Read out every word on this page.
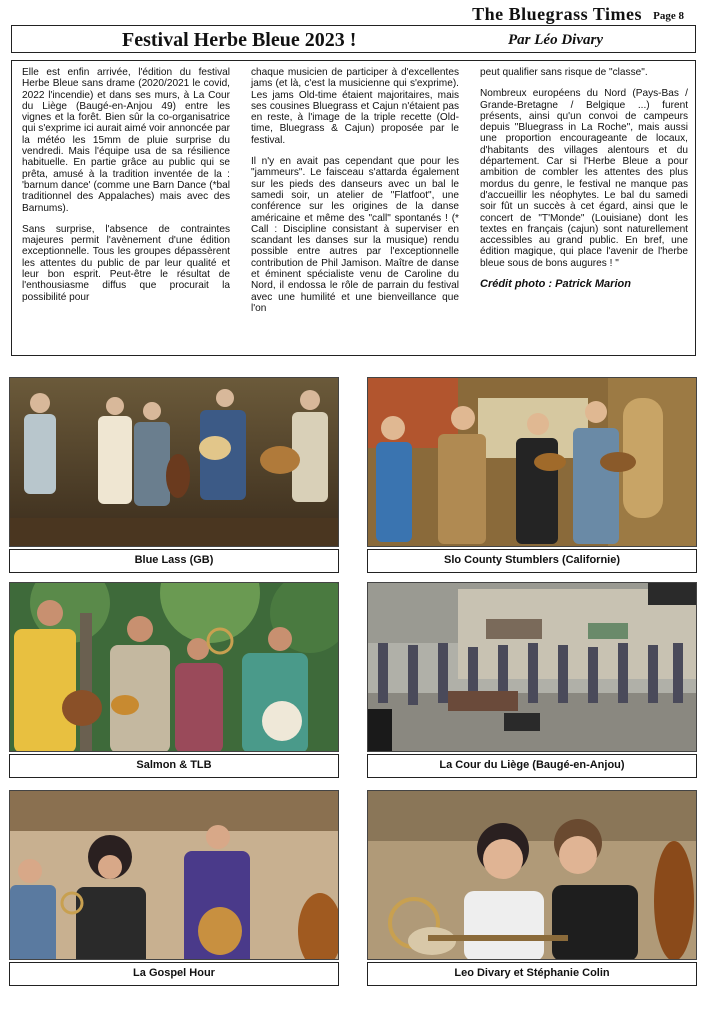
The Bluegrass Times Page 8
Festival Herbe Bleue 2023 !	Par Léo Divary

Elle est enfin arrivée, l'édition du festival Herbe Bleue sans drame (2020/2021 le covid, 2022 l'incendie) et dans ses murs, à La Cour du Liège (Baugé-en-Anjou 49) entre les vignes et la forêt. Bien sûr la co-organisatrice qui s'exprime ici aurait aimé voir annoncée par la météo les 15mm de pluie surprise du vendredi. Mais l'équipe usa de sa résilience habituelle. En partie grâce au public qui se prêta, amusé à la tradition inventée de la : 'barnum dance' (comme une Barn Dance (*bal traditionnel des Appalaches) mais avec des Barnums).

Sans surprise, l'absence de contraintes majeures permit l'avènement d'une édition exceptionnelle. Tous les groupes dépassèrent les attentes du public de par leur qualité et leur bon esprit. Peut-être le résultat de l'enthousiasme diffus que procurait la possibilité pour

chaque musicien de participer à d'excellentes jams (et là, c'est la musicienne qui s'exprime). Les jams Old-time étaient majoritaires, mais ses cousines Bluegrass et Cajun n'étaient pas en reste, à l'image de la triple recette (Old-time, Bluegrass & Cajun) proposée par le festival.

Il n'y en avait pas cependant que pour les "jammeurs". Le faisceau s'attarda également sur les pieds des danseurs avec un bal le samedi soir, un atelier de "Flatfoot", une conférence sur les origines de la danse américaine et même des "call" spontanés ! (* Call : Discipline consistant à superviser en scandant les danses sur la musique) rendu possible entre autres par l'exceptionnelle contribution de Phil Jamison. Maître de danse et éminent spécialiste venu de Caroline du Nord, il endossa le rôle de parrain du festival avec une humilité et une bienveillance que l'on

peut qualifier sans risque de "classe".

Nombreux européens du Nord (Pays-Bas / Grande-Bretagne / Belgique ...) furent présents, ainsi qu'un convoi de campeurs depuis "Bluegrass in La Roche", mais aussi une proportion encourageante de locaux, d'habitants des villages alentours et du département. Car si l'Herbe Bleue a pour ambition de combler les attentes des plus mordus du genre, le festival ne manque pas d'accueillir les néophytes. Le bal du samedi soir fût un succès à cet égard, ainsi que le concert de "T'Monde" (Louisiane) dont les textes en français (cajun) sont naturellement accessibles au grand public. En bref, une édition magique, qui place l'avenir de l'herbe bleue sous de bons augures ! "

Crédit photo : Patrick Marion

Blue Lass (GB)	Slo County Stumblers (Californie)
Salmon & TLB	La Cour du Liège (Baugé-en-Anjou)
La Gospel Hour	Leo Divary et Stéphanie Colin
